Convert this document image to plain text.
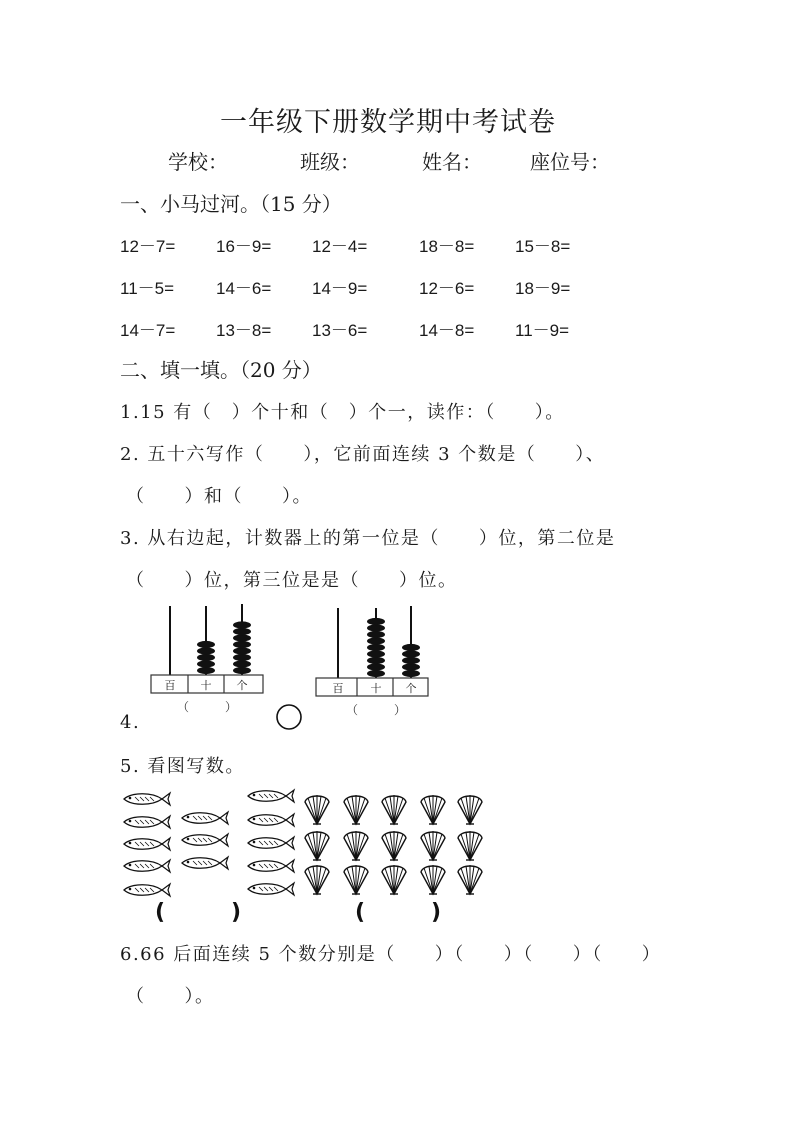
一年级下册数学期中考试卷
学校：	班级：	姓名： 座位号：
一、小马过河。（15 分）
12－7= 16－9= 12－4=	18－8= 15－8=
11－5= 14－6= 14－9=	12－6= 18－9=
14－7= 13－8= 13－6=	14－8= 11－9=
二、填一填。（20 分）
1.15 有（　）个十和（　）个一，读作：（　　）。
2. 五十六写作（　　），它前面连续 3 个数是（　　）、
（　　）和（　　）。
3. 从右边起，计数器上的第一位是（　　）位，第二位是
（　　）位，第三位是是（　　）位。
百 十 个
（　　　）
4.
百 十 个
（　　　）
5. 看图写数。
(　　　)	(　　　)
6.66 后面连续 5 个数分别是（　　）（　　）（　　）（　　）
（　　）。
